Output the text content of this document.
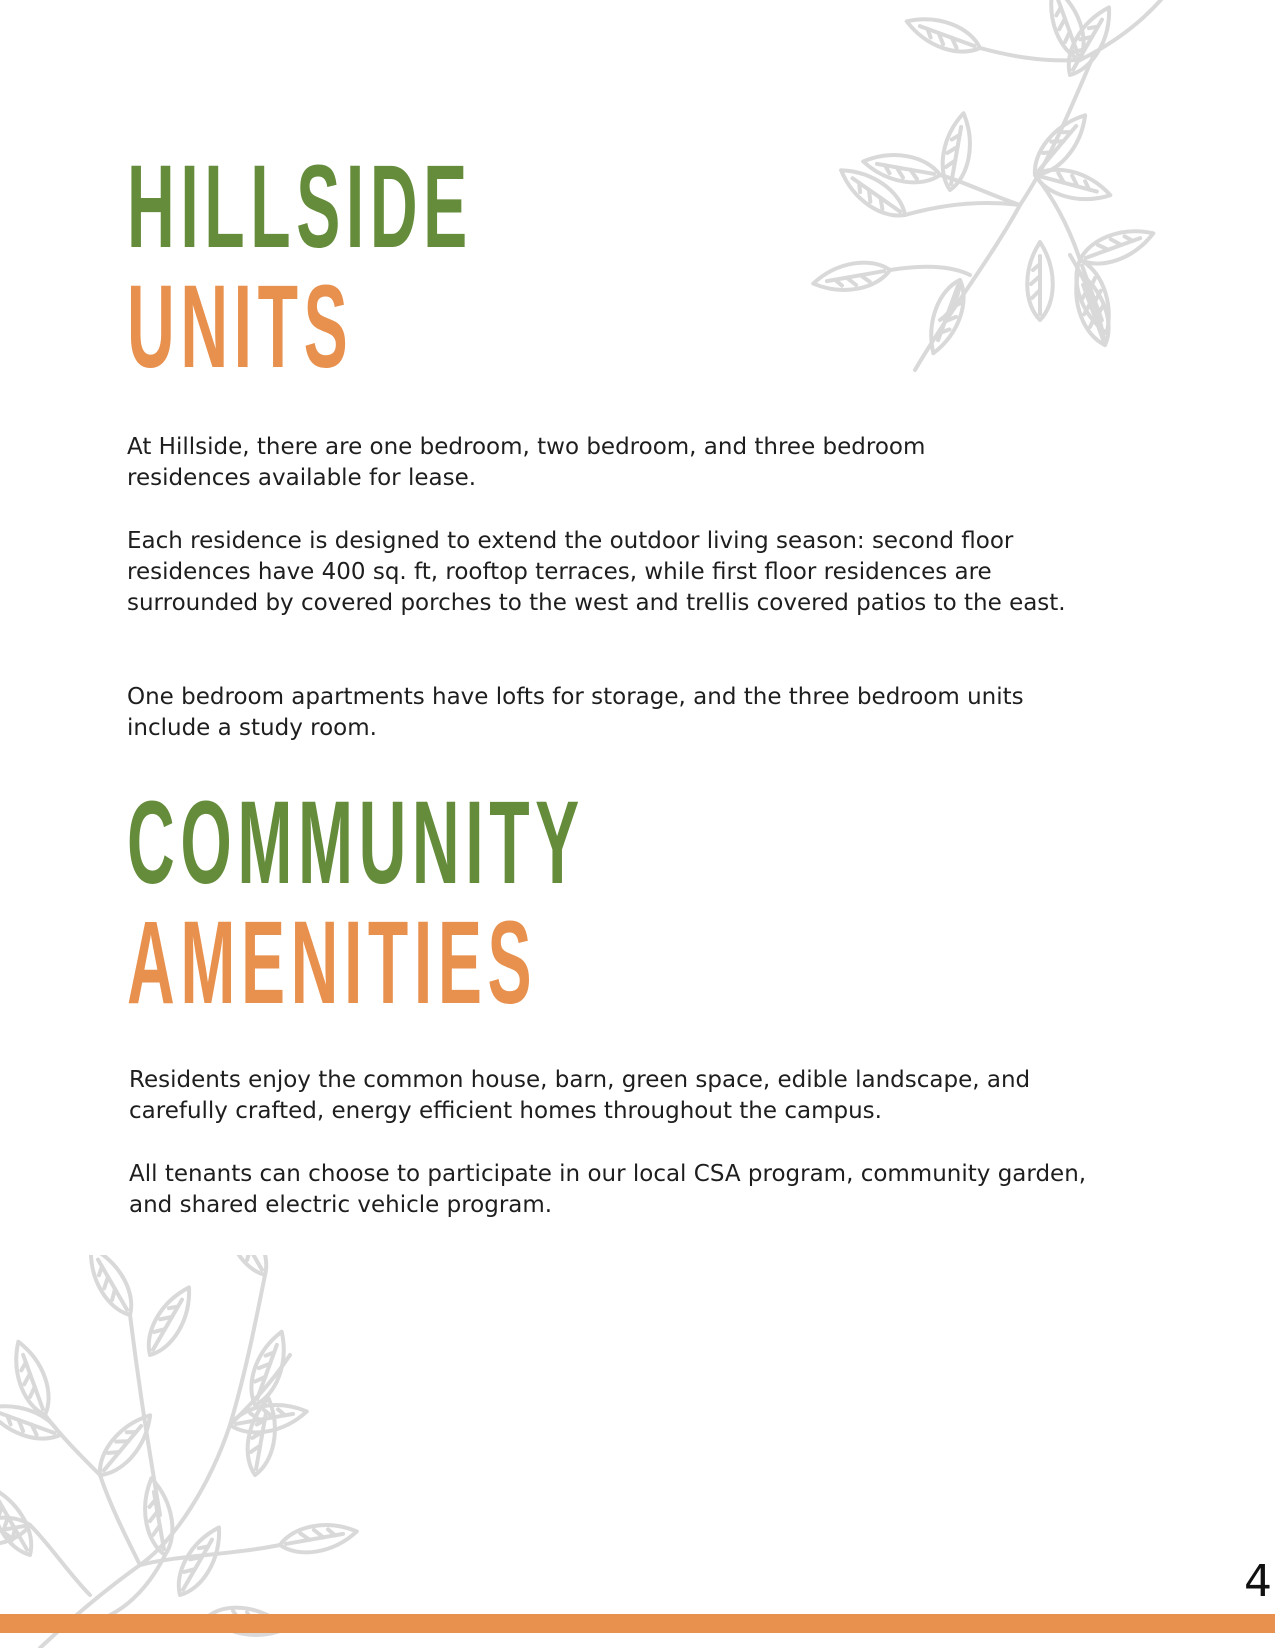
HILLSIDE
UNITS

At Hillside, there are one bedroom, two bedroom, and three bedroom residences available for lease.

Each residence is designed to extend the outdoor living season: second floor residences have 400 sq. ft, rooftop terraces, while first floor residences are surrounded by covered porches to the west and trellis covered patios to the east.

One bedroom apartments have lofts for storage, and the three bedroom units include a study room.

COMMUNITY
AMENITIES

Residents enjoy the common house, barn, green space, edible landscape, and carefully crafted, energy efficient homes throughout the campus.

All tenants can choose to participate in our local CSA program, community garden, and shared electric vehicle program.

4
